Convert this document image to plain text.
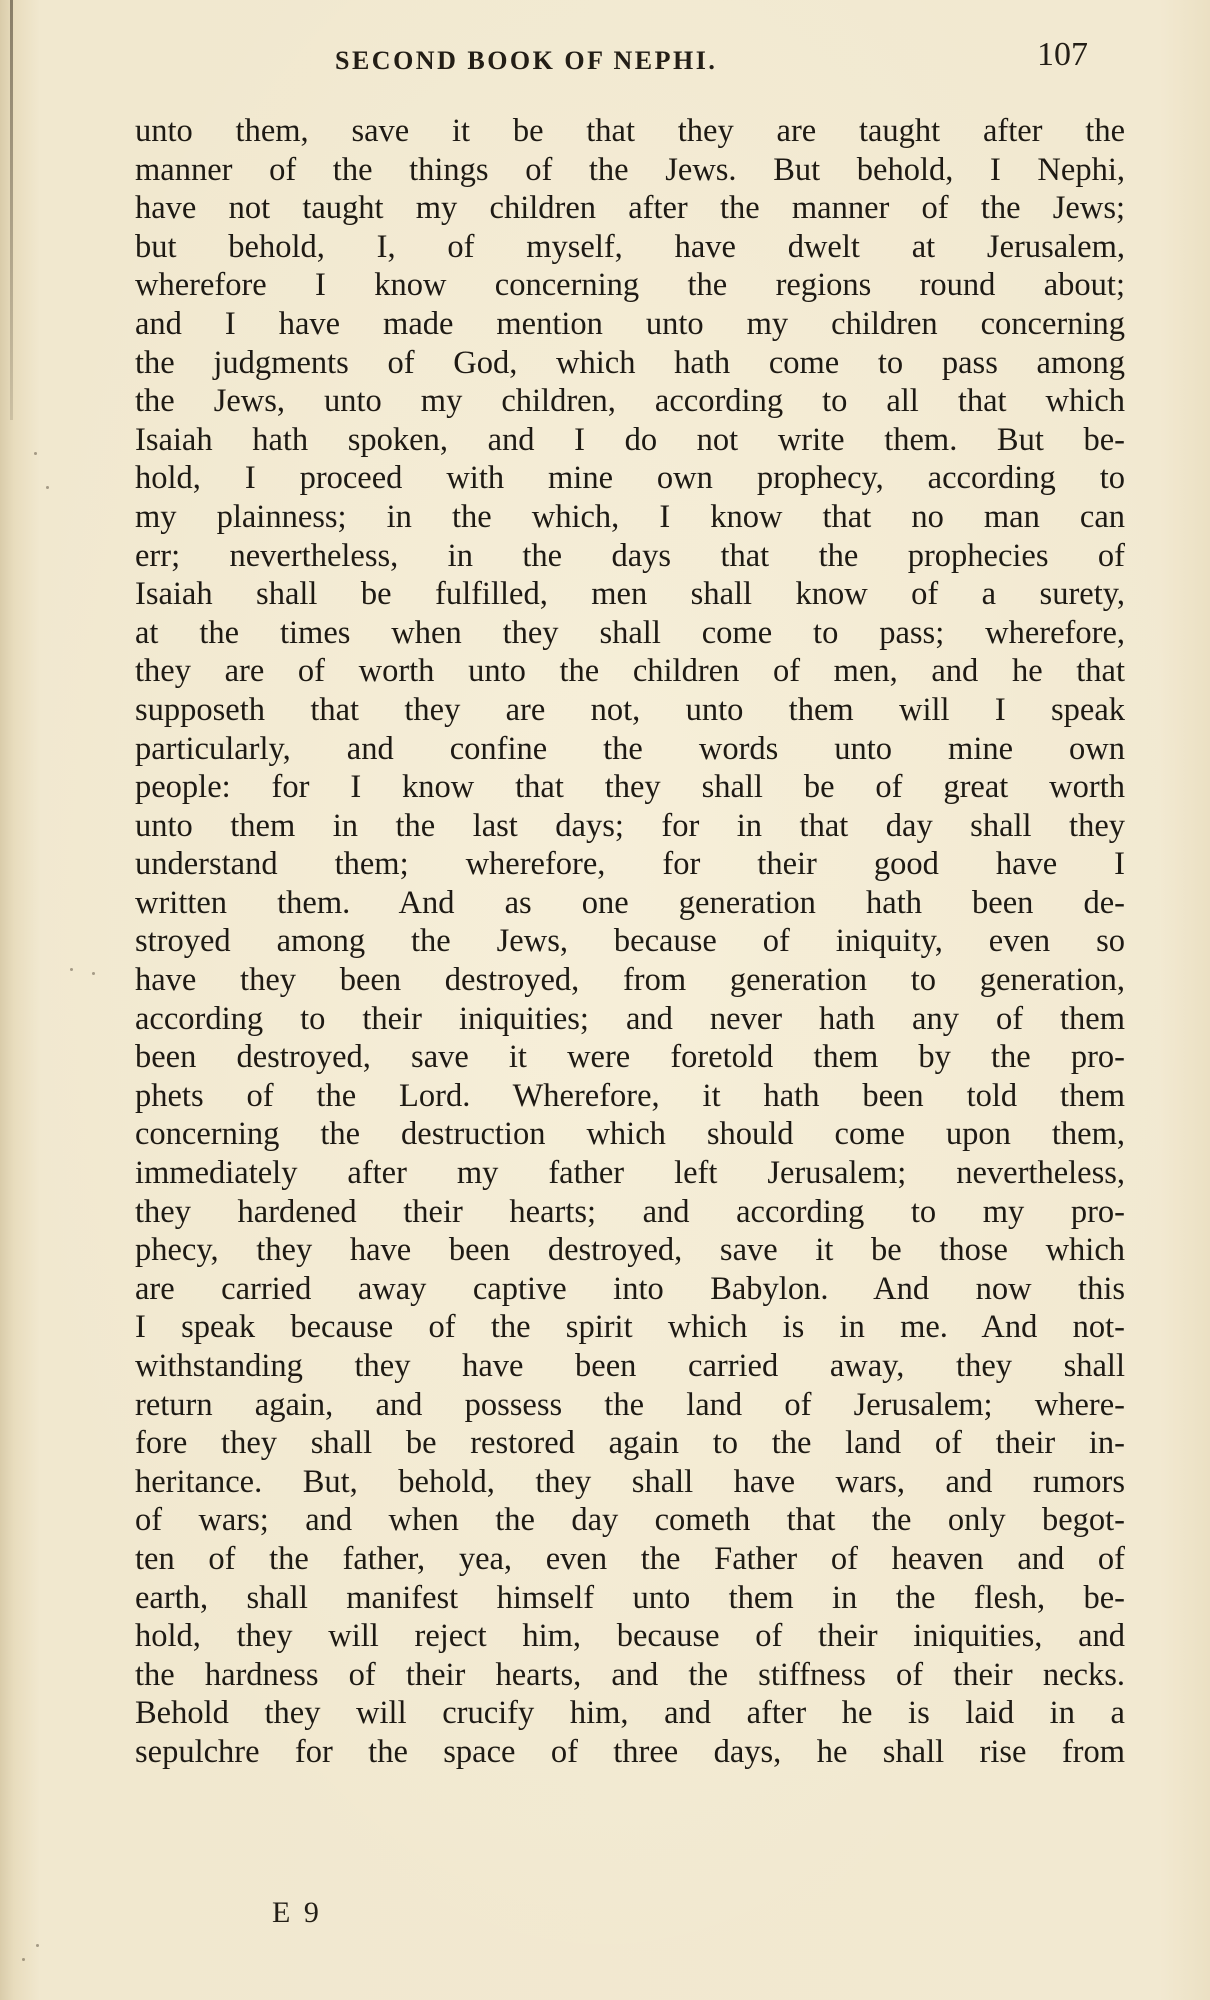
SECOND BOOK OF NEPHI.	107
unto them, save it be that they are taught after the
manner of the things of the Jews. But behold, I Nephi,
have not taught my children after the manner of the Jews;
but behold, I, of myself, have dwelt at Jerusalem,
wherefore I know concerning the regions round about;
and I have made mention unto my children concerning
the judgments of God, which hath come to pass among
the Jews, unto my children, according to all that which
Isaiah hath spoken, and I do not write them. But be-
hold, I proceed with mine own prophecy, according to
my plainness; in the which, I know that no man can
err; nevertheless, in the days that the prophecies of
Isaiah shall be fulfilled, men shall know of a surety,
at the times when they shall come to pass; wherefore,
they are of worth unto the children of men, and he that
supposeth that they are not, unto them will I speak
particularly, and confine the words unto mine own
people: for I know that they shall be of great worth
unto them in the last days; for in that day shall they
understand them; wherefore, for their good have I
written them. And as one generation hath been de-
stroyed among the Jews, because of iniquity, even so
have they been destroyed, from generation to generation,
according to their iniquities; and never hath any of them
been destroyed, save it were foretold them by the pro-
phets of the Lord. Wherefore, it hath been told them
concerning the destruction which should come upon them,
immediately after my father left Jerusalem; nevertheless,
they hardened their hearts; and according to my pro-
phecy, they have been destroyed, save it be those which
are carried away captive into Babylon. And now this
I speak because of the spirit which is in me. And not-
withstanding they have been carried away, they shall
return again, and possess the land of Jerusalem; where-
fore they shall be restored again to the land of their in-
heritance. But, behold, they shall have wars, and rumors
of wars; and when the day cometh that the only begot-
ten of the father, yea, even the Father of heaven and of
earth, shall manifest himself unto them in the flesh, be-
hold, they will reject him, because of their iniquities, and
the hardness of their hearts, and the stiffness of their necks.
Behold they will crucify him, and after he is laid in a
sepulchre for the space of three days, he shall rise from
E 9
